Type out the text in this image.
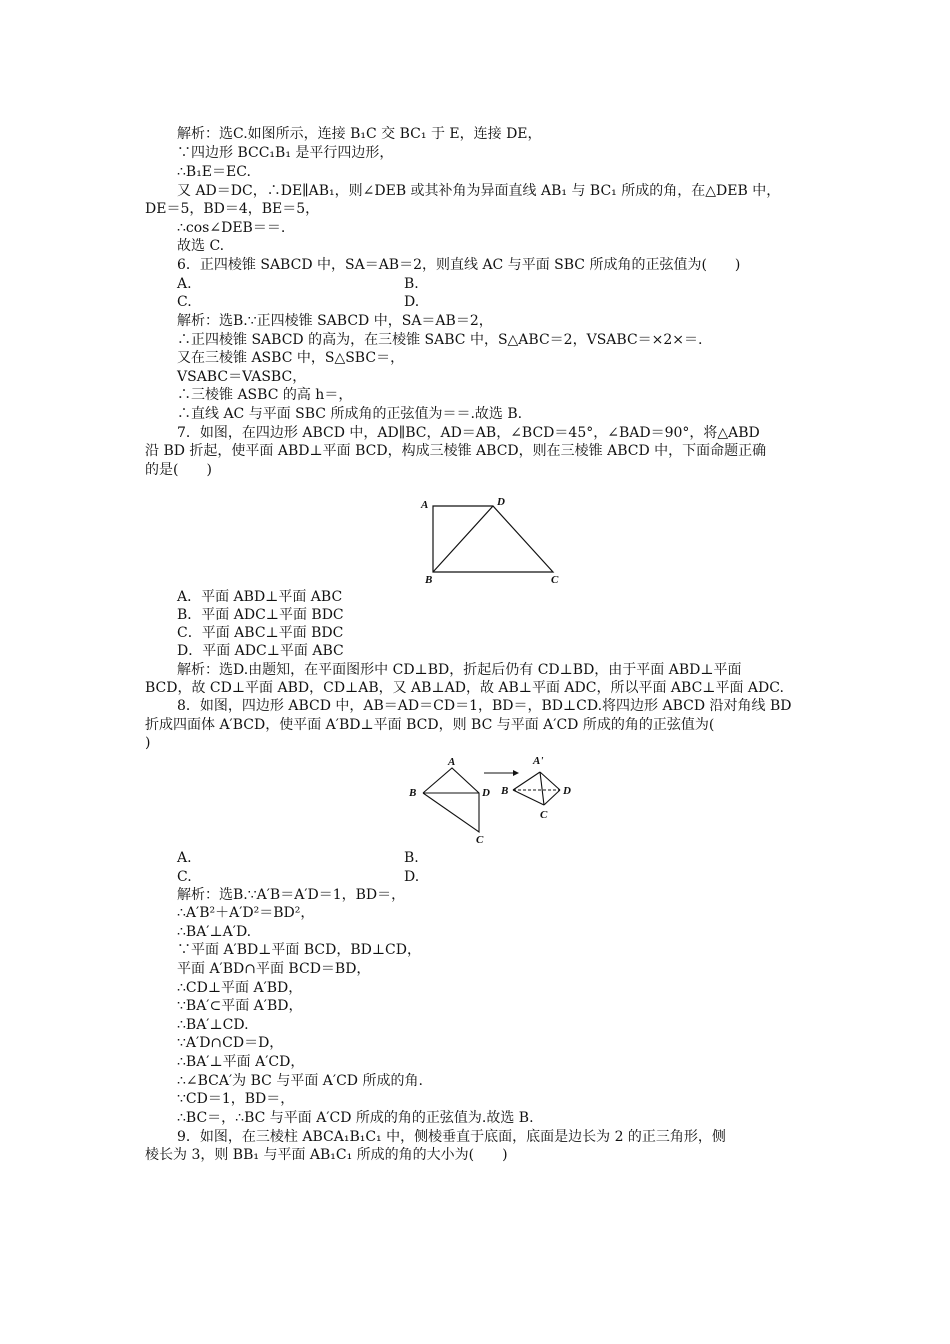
解析：选C.如图所示，连接 B₁C 交 BC₁ 于 E，连接 DE，
∵四边形 BCC₁B₁ 是平行四边形，
∴B₁E＝EC.
又 AD＝DC，∴DE∥AB₁，则∠DEB 或其补角为异面直线 AB₁ 与 BC₁ 所成的角，在△DEB 中，
DE＝5，BD＝4，BE＝5，
∴cos∠DEB＝＝.
故选 C.
6．正四棱锥 SABCD 中，SA＝AB＝2，则直线 AC 与平面 SBC 所成角的正弦值为(　　)
A.	B.
C.	D.
解析：选B.∵正四棱锥 SABCD 中，SA＝AB＝2，
∴正四棱锥 SABCD 的高为，在三棱锥 SABC 中，S△ABC＝2，VSABC＝×2×＝.
又在三棱锥 ASBC 中，S△SBC＝，
VSABC＝VASBC，
∴三棱锥 ASBC 的高 h＝，
∴直线 AC 与平面 SBC 所成角的正弦值为＝＝.故选 B.
7．如图，在四边形 ABCD 中，AD∥BC，AD＝AB，∠BCD＝45°，∠BAD＝90°，将△ABD
沿 BD 折起，使平面 ABD⊥平面 BCD，构成三棱锥 ABCD，则在三棱锥 ABCD 中，下面命题正确
的是(　　)
A	D
B	C
A．平面 ABD⊥平面 ABC
B．平面 ADC⊥平面 BDC
C．平面 ABC⊥平面 BDC
D．平面 ADC⊥平面 ABC
解析：选D.由题知，在平面图形中 CD⊥BD，折起后仍有 CD⊥BD，由于平面 ABD⊥平面
BCD，故 CD⊥平面 ABD，CD⊥AB，又 AB⊥AD，故 AB⊥平面 ADC，所以平面 ABC⊥平面 ADC.
8．如图，四边形 ABCD 中，AB＝AD＝CD＝1，BD＝，BD⊥CD.将四边形 ABCD 沿对角线 BD
折成四面体 A′BCD，使平面 A′BD⊥平面 BCD，则 BC 与平面 A′CD 所成的角的正弦值为(
)
A
B	D
C
A'
B	D
C
A.	B.
C.	D.
解析：选B.∵A′B＝A′D＝1，BD＝，
∴A′B²＋A′D²＝BD²，
∴BA′⊥A′D.
∵平面 A′BD⊥平面 BCD，BD⊥CD，
平面 A′BD∩平面 BCD＝BD，
∴CD⊥平面 A′BD，
∵BA′⊂平面 A′BD，
∴BA′⊥CD.
∵A′D∩CD＝D，
∴BA′⊥平面 A′CD，
∴∠BCA′为 BC 与平面 A′CD 所成的角.
∵CD＝1，BD＝，
∴BC＝，∴BC 与平面 A′CD 所成的角的正弦值为.故选 B.
9．如图，在三棱柱 ABCA₁B₁C₁ 中，侧棱垂直于底面，底面是边长为 2 的正三角形，侧
棱长为 3，则 BB₁ 与平面 AB₁C₁ 所成的角的大小为(　　)
